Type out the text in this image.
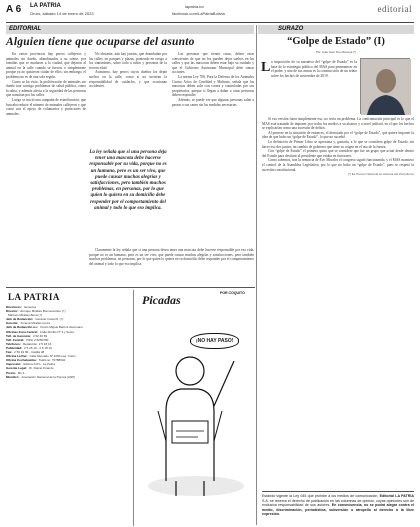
A 6 LA PATRIA
Oruro, sábado 14 de enero de 2023
lapatria.bo
facebook.com/LaPatriaBolivia	editorial
EDITORIAL
Alguien tiene que ocuparse del asunto

En varias provincias hay perros callejeros y animales sin dueño, abandonados a su suerte, por familias que se mudaron a la ciudad, que dejaron al animal en la calle cuando se fueron, o simplemente porque ya no quisieron cuidar de ellos; sin embargo, el problema no es de una sola región.

Como se ha visto, la proliferación de animales sin dueño trae consigo problemas de salud pública, como la rabia, y además afecta a la seguridad de las personas que transitan por las calles.

Luego se inició una campaña de esterilización, que buscaba reducir el número de animales callejeros y que contó con el apoyo de voluntarios y protectores de animales.

No obstante, aún hay jaurías, que deambulan por las calles, en parques y plazas, poniendo en riesgo a los transeúntes, sobre todo a niños y personas de la tercera edad.

Asimismo, hay perros cuyos dueños los dejan sueltos en la calle, como si no tuvieran la responsabilidad de cuidarlos, y que ocasionan accidentes.

La ley señala que si una persona deja tener una mascota debe hacerse responsable por su vida, porque no es un humano, pero es un ser vivo, que puede causar muchas alegrías y satisfacciones, pero también muchos problemas, en personas, por lo que quien lo quiera en su domicilio debe responder por el comportamiento del animal y todo lo que eso implica.

Las personas que tienen casas, deben estar conscientes de que no los pueden dejar sueltos en las calles y que las mascotas deben estar bajo su cuidado y que el Gobierno Autónomo Municipal debe tomar acciones.

La norma Ley 700, Para la Defensa de los Animales Contra Actos de Crueldad y Maltrato, señala que las mascotas deben salir con correa y controladas por sus propietarios, porque si llegan a dañar a otras personas deben responder.

Además, se puede ver que algunas personas salen a pasear a sus canes sin las medidas necesarias.

Claramente la ley señala que si una persona desea tener una mascota debe hacerse responsable por esa vida, porque no es un humano, pero es un ser vivo, que puede causar muchas alegrías y satisfacciones, pero también muchos problemas, en personas, por lo que quien lo quiera en su domicilio debe responder por el comportamiento del animal y todo lo que eso implica.

SURAZO
“Golpe de Estado” (I)
Por: Juan José Toro Montoya (*)
L a imposición de su narrativa del “golpe de Estado” es la base de la estrategia política del MAS para permanecer en el poder, y una de sus armas es la construcción de un relato sobre los hechos de noviembre de 2019.

Si esa versión fuera simplemente eso, no sería un problema. La confrontación principal es lo que el MAS está tratando de imponer, por todos los medios a su alcance y a nivel judicial, en el que los hechos se explicarían como una sucesión de delitos.

Al ponerse en la situación de entonces, el derrotado por el “golpe de Estado”, que quiere imponer la idea de que hubo un “golpe de Estado”, lo que no sucedió.

La definición de Primer Libro se aproxima y, gustaría, a lo que se considera golpe de Estado, sin hacer eso dos juntos, un cambio de gobierno que tiene su origen en el uso de la fuerza.

Con “golpe de Estado” el primero quiso que se considere que fue un grupo que actuó desde dentro del Estado para destituir al presidente que estaba en funciones.

Como sabemos, tras la renuncia de Evo Morales el congreso siguió funcionando, y el MAS mantuvo el control de la Asamblea Legislativa, por lo que no hubo un “golpe de Estado”, pues se respetó la sucesión constitucional.

(*) Es Premio Nacional en Historia del Periodismo

Estando vigente la Ley 045 que prohíbe a los medios de comunicación, Editorial LA PATRIA S.A. se reserva el derecho de publicación en las columnas de opinión, cuyas opiniones son de exclusiva responsabilidad de sus autores. En consecuencia, no se podrá alegar contra el medio, discriminación, periodística, subversión o atropello al derecho a la libre expresión.
LA PATRIA
Directores: Gerentes
Director: Enrique Miralles Bonnecarrère (†)
Marcelo Miralles Bova (†)
Jefe de Redacción: Gerardo Irusta M. (†)
Gerente: Ximena Miralles Iporre
Jefe de Redacción a.i.: Pedro Miguel Barrios Zamorano
Oficinas Zona Central: Calle Murillo Nº 3 y Sucre
Telf. de Gerencia: 2 52 46 69
Telf. Central: (591) 2-5250780
Teléfonos: Redacción: 2 5 18 16
Publicidad: 2 5 25 19 - 2 5 18 16
Fax: 2 50 19 80 - Casilla 48
Oficina La Paz: Calle Mercado Nº 1050 esq. Colón
Oficina Cochabamba: Teléfono: 76788642
Impresión: Editora S.R.L. La Patria
Gerente Legal: Dr. Daniel Ovando
Precio: Bs 3.-
Miembro: Asociación Nacional de la Prensa (ANP)
Picadas	POR COQUITO
¡NO HAY PASO!
